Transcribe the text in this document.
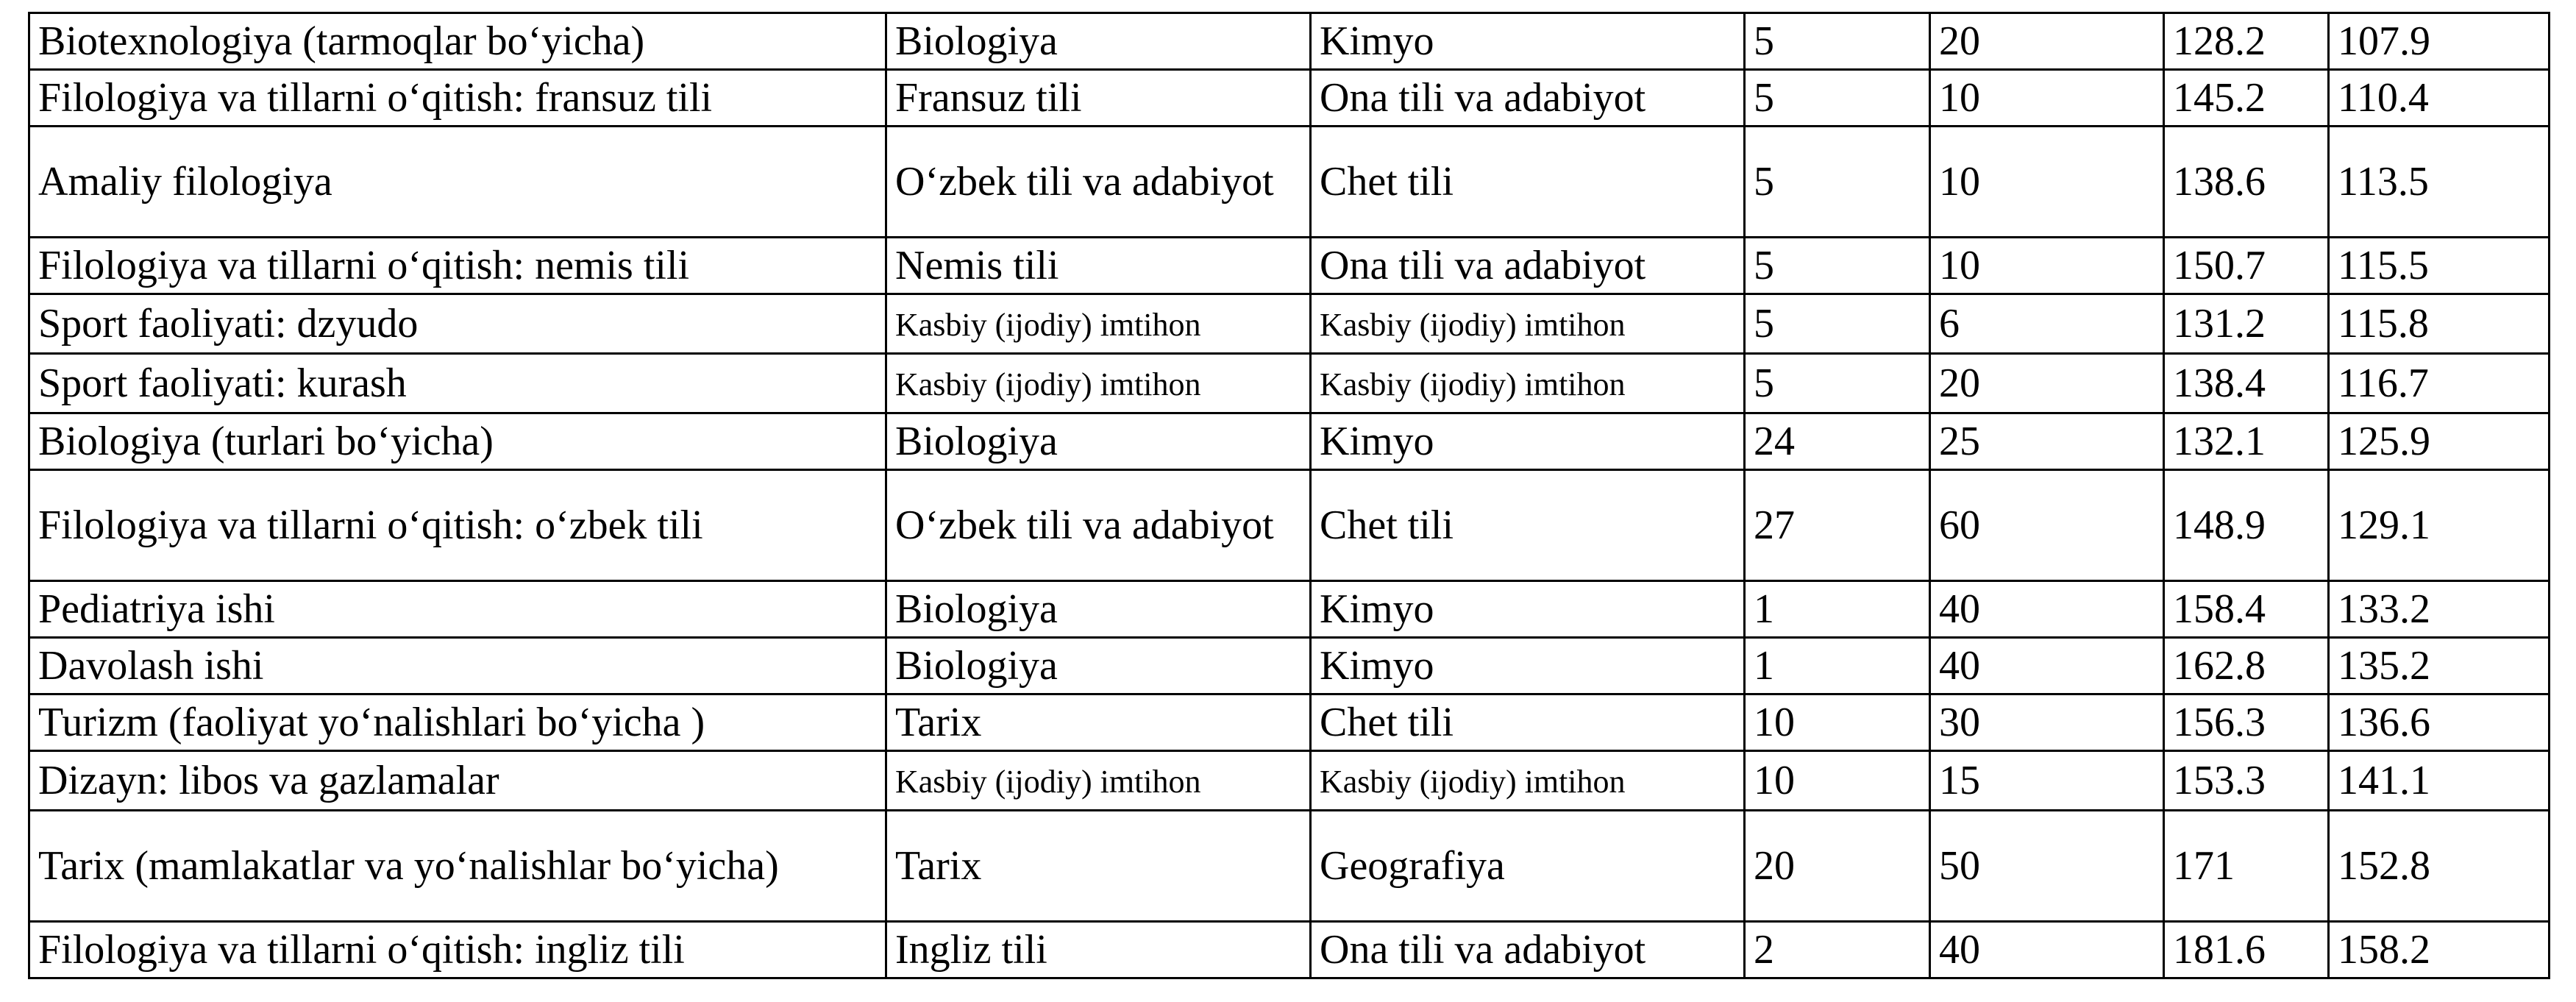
Biotexnologiya (tarmoqlar bo‘yicha)	Biologiya	Kimyo	5	20	128.2	107.9
Filologiya va tillarni o‘qitish: fransuz tili	Fransuz tili	Ona tili va adabiyot	5	10	145.2	110.4
Amaliy filologiya	O‘zbek tili va adabiyot	Chet tili	5	10	138.6	113.5
Filologiya va tillarni o‘qitish: nemis tili	Nemis tili	Ona tili va adabiyot	5	10	150.7	115.5
Sport faoliyati: dzyudo	Kasbiy (ijodiy) imtihon	Kasbiy (ijodiy) imtihon	5	6	131.2	115.8
Sport faoliyati: kurash	Kasbiy (ijodiy) imtihon	Kasbiy (ijodiy) imtihon	5	20	138.4	116.7
Biologiya (turlari bo‘yicha)	Biologiya	Kimyo	24	25	132.1	125.9
Filologiya va tillarni o‘qitish: o‘zbek tili	O‘zbek tili va adabiyot	Chet tili	27	60	148.9	129.1
Pediatriya ishi	Biologiya	Kimyo	1	40	158.4	133.2
Davolash ishi	Biologiya	Kimyo	1	40	162.8	135.2
Turizm (faoliyat yo‘nalishlari bo‘yicha )	Tarix	Chet tili	10	30	156.3	136.6
Dizayn: libos va gazlamalar	Kasbiy (ijodiy) imtihon	Kasbiy (ijodiy) imtihon	10	15	153.3	141.1
Tarix (mamlakatlar va yo‘nalishlar bo‘yicha)	Tarix	Geografiya	20	50	171	152.8
Filologiya va tillarni o‘qitish: ingliz tili	Ingliz tili	Ona tili va adabiyot	2	40	181.6	158.2
